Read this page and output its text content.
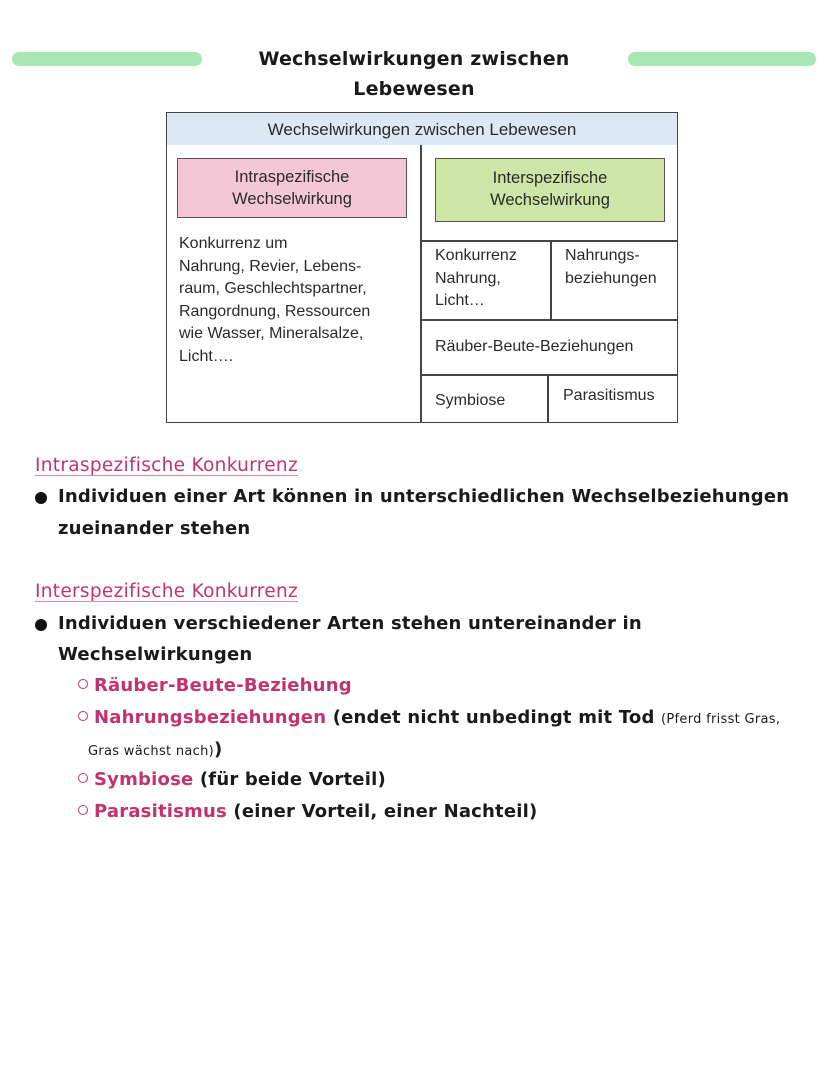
Wechselwirkungen zwischen Lebewesen
Wechselwirkungen zwischen Lebewesen
Intraspezifische
Wechselwirkung
Konkurrenz um
Nahrung, Revier, Lebens-
raum, Geschlechtspartner,
Rangordnung, Ressourcen
wie Wasser, Mineralsalze,
Licht….
Interspezifische
Wechselwirkung
Konkurrenz
Nahrung,
Licht…
Nahrungs-
beziehungen
Räuber-Beute-Beziehungen
Symbiose	Parasitismus
Intraspezifische Konkurrenz
Individuen einer Art können in unterschiedlichen Wechselbeziehungen
zueinander stehen
Interspezifische Konkurrenz
Individuen verschiedener Arten stehen untereinander in
Wechselwirkungen
Räuber-Beute-Beziehung
Nahrungsbeziehungen (endet nicht unbedingt mit Tod (Pferd frisst Gras,
Gras wächst nach))
Symbiose (für beide Vorteil)
Parasitismus (einer Vorteil, einer Nachteil)
